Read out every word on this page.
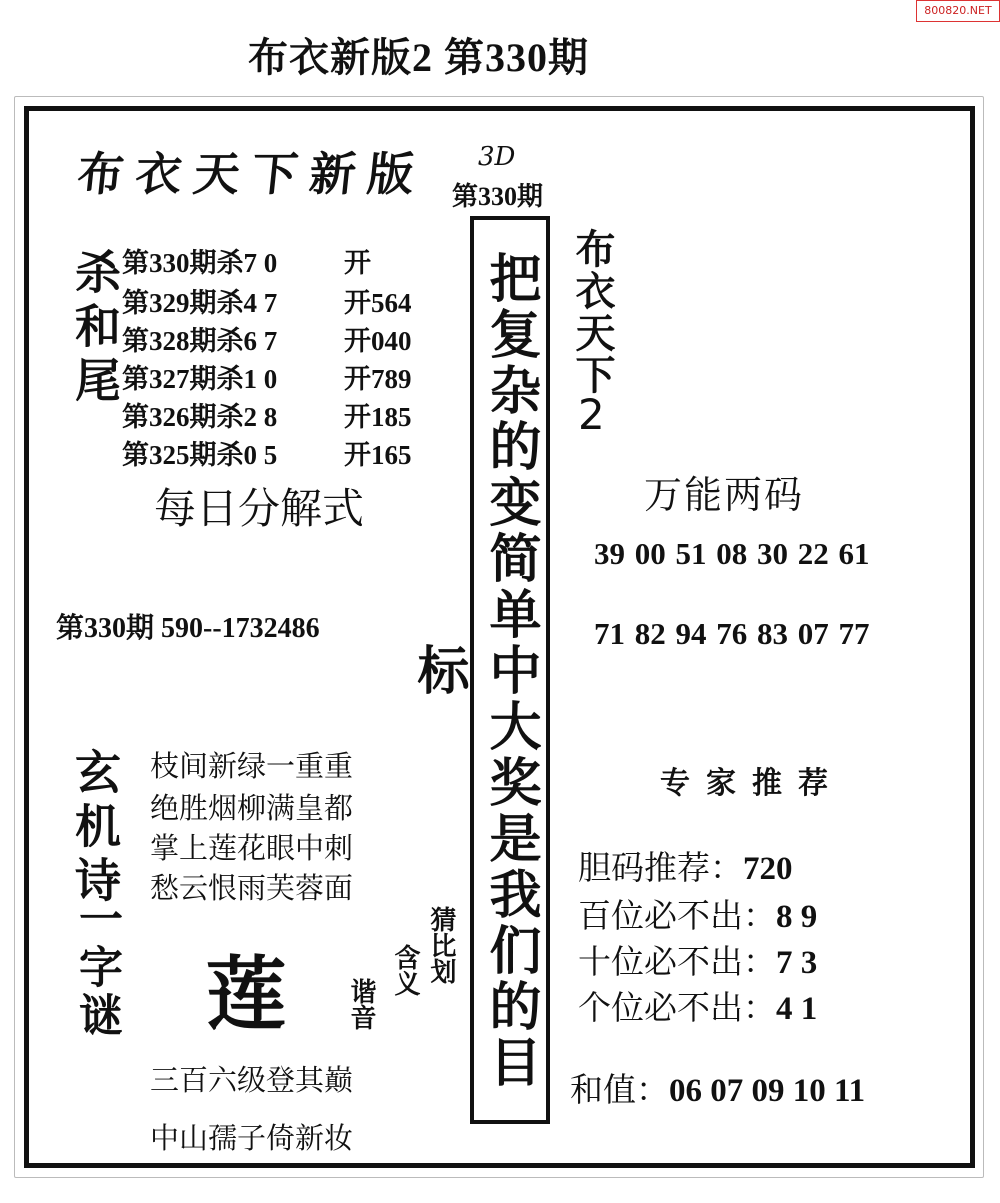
布衣新版2 第330期
800820.NET
布衣天下新版 3D
第330期
把复杂的变简单中大奖是我们的目标
杀和尾 第330期杀7 0 开
第329期杀4 7 开564
第328期杀6 7 开040
第327期杀1 0 开789
第326期杀2 8 开185
第325期杀0 5 开165
每日分解式
第330期 590--1732486
玄机诗 枝间新绿一重重
绝胜烟柳满皇都
掌上莲花眼中刺
愁云恨雨芙蓉面
一字谜 莲
猜比划
含义
谐音
三百六级登其巅
中山孺子倚新妆
布衣天下
2
万能两码
39 00 51 08 30 22 61
71 82 94 76 83 07 77
专家推荐
胆码推荐：720
百位必不出：8 9
十位必不出：7 3
个位必不出：4 1
和值：06 07 09 10 11
